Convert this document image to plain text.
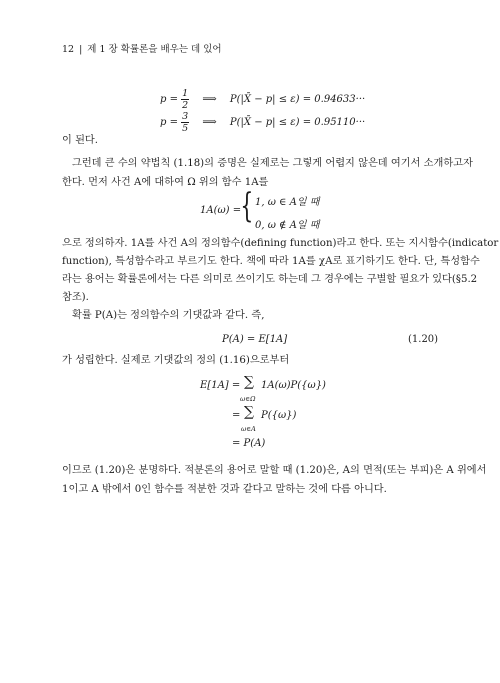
12 | 제 1 장 확률론을 배우는 데 있어
$p = \frac{1}{2}$ ⟹ P(|X̄ − p| ≤ ε) = 0.94633···
$p = \frac{3}{5}$ ⟹ P(|X̄ − p| ≤ ε) = 0.95110···
이 된다.
그런데 큰 수의 약법칙 (1.18)의 증명은 실제로는 그렇게 어렵지 않은데 여기서 소개하고자
한다. 먼저 사건 A에 대하여 Ω 위의 함수 1A를
1A(ω) = { 1, ω ∈ A일 때
0, ω ∉ A일 때
으로 정의하자. 1A를 사건 A의 정의함수(defining function)라고 한다. 또는 지시함수(indicator
function), 특성함수라고 부르기도 한다. 책에 따라 1A를 χA로 표기하기도 한다. 단, 특성함수
라는 용어는 확률론에서는 다른 의미로 쓰이기도 하는데 그 경우에는 구별할 필요가 있다(§5.2
참조).
확률 P(A)는 정의함수의 기댓값과 같다. 즉,
P(A) = E[1A]	(1.20)
가 성립한다. 실제로 기댓값의 정의 (1.16)으로부터
E[1A] = ∑
ω∈Ω
1A(ω)P({ω})
= ∑
ω∈A
P({ω})
= P(A)
이므로 (1.20)은 분명하다. 적분론의 용어로 말할 때 (1.20)은, A의 면적(또는 부피)은 A 위에서
1이고 A 밖에서 0인 함수를 적분한 것과 같다고 말하는 것에 다름 아니다.
